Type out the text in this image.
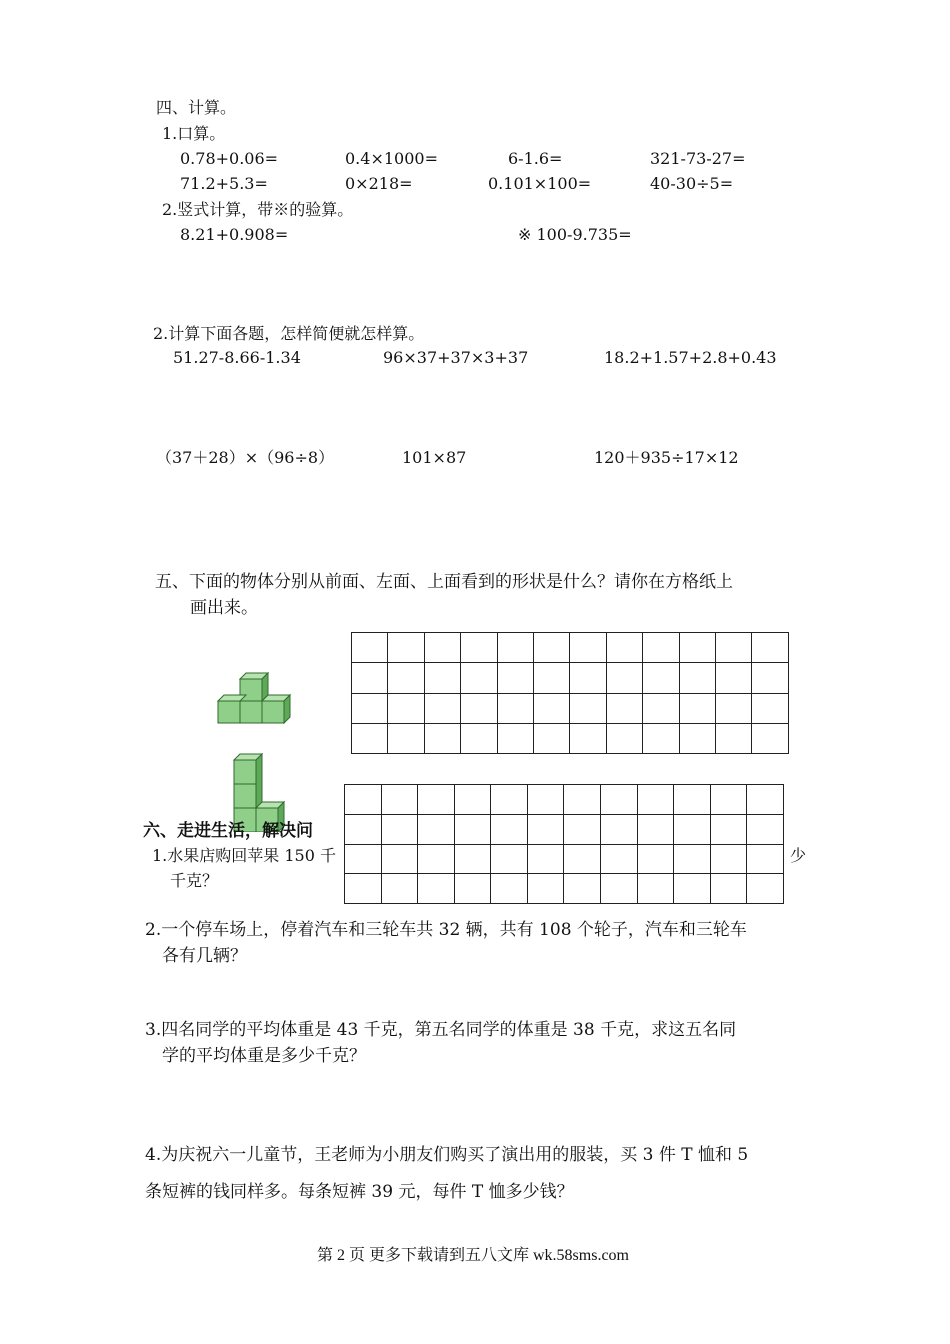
四、计算。
1.口算。
0.78+0.06=	0.4×1000=	6-1.6=	321-73-27=
71.2+5.3=	0×218=	0.101×100=	40-30÷5=
2.竖式计算，带※的验算。
8.21+0.908=	※ 100-9.735=
2.计算下面各题，怎样简便就怎样算。
51.27-8.66-1.34	96×37+37×3+37	18.2+1.57+2.8+0.43
（37＋28）×（96÷8）	101×87	120＋935÷17×12
五、下面的物体分别从前面、左面、上面看到的形状是什么？请你在方格纸上
画出来。

六、走进生活，解决问
1.水果店购回苹果 150 千	少
千克？
2.一个停车场上，停着汽车和三轮车共 32 辆，共有 108 个轮子，汽车和三轮车
各有几辆？
3.四名同学的平均体重是 43 千克，第五名同学的体重是 38 千克，求这五名同
学的平均体重是多少千克？
4.为庆祝六一儿童节，王老师为小朋友们购买了演出用的服装，买 3 件 T 恤和 5
条短裤的钱同样多。每条短裤 39 元，每件 T 恤多少钱？
第 2 页 更多下载请到五八文库 wk.58sms.com
